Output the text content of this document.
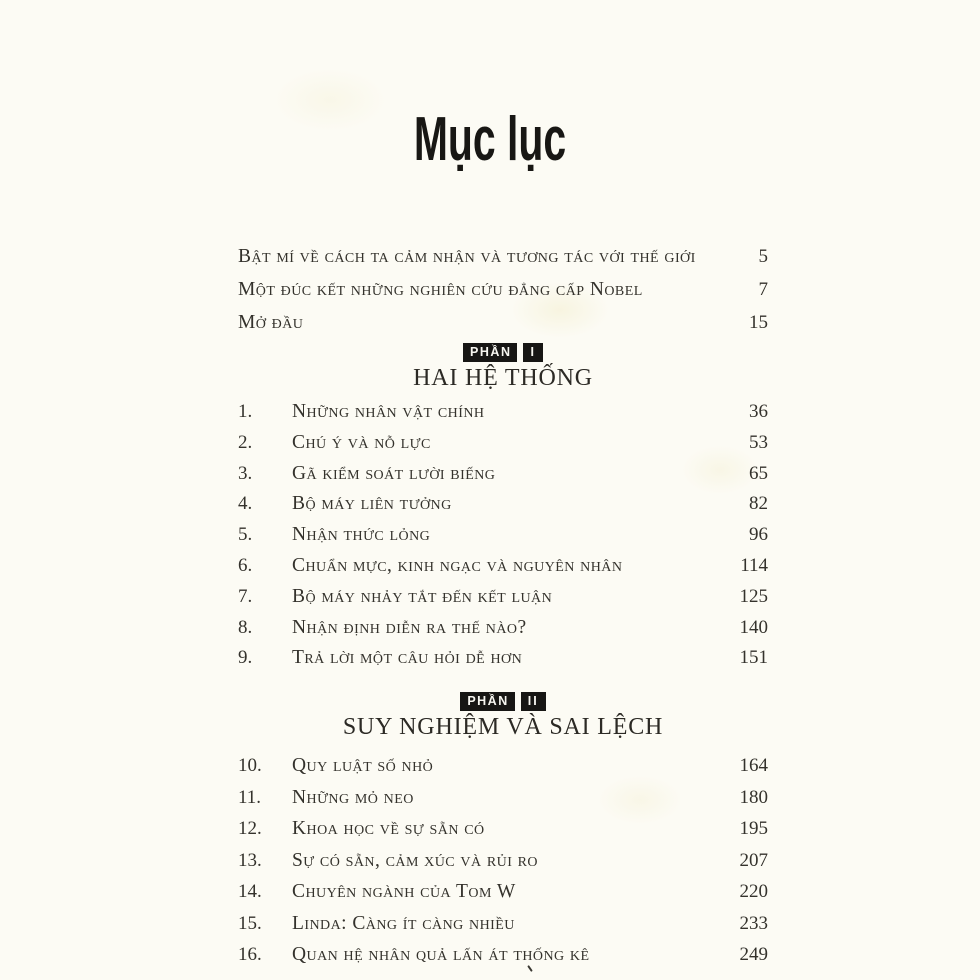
Mục lục
Bật mí về cách ta cảm nhận và tương tác với thế giới	5
Một đúc kết những nghiên cứu đẳng cấp Nobel	7
Mở đầu	15
PHẦN I
HAI HỆ THỐNG
1.	Những nhân vật chính	36
2.	Chú ý và nỗ lực	53
3.	Gã kiểm soát lười biếng	65
4.	Bộ máy liên tưởng	82
5.	Nhận thức lỏng	96
6.	Chuẩn mực, kinh ngạc và nguyên nhân	114
7.	Bộ máy nhảy tắt đến kết luận	125
8.	Nhận định diễn ra thế nào?	140
9.	Trả lời một câu hỏi dễ hơn	151
PHẦN II
SUY NGHIỆM VÀ SAI LỆCH
10.	Quy luật số nhỏ	164
11.	Những mỏ neo	180
12.	Khoa học về sự sẵn có	195
13.	Sự có sẵn, cảm xúc và rủi ro	207
14.	Chuyên ngành của Tom W	220
15.	Linda: Càng ít càng nhiều	233
16.	Quan hệ nhân quả lấn át thống kê	249
